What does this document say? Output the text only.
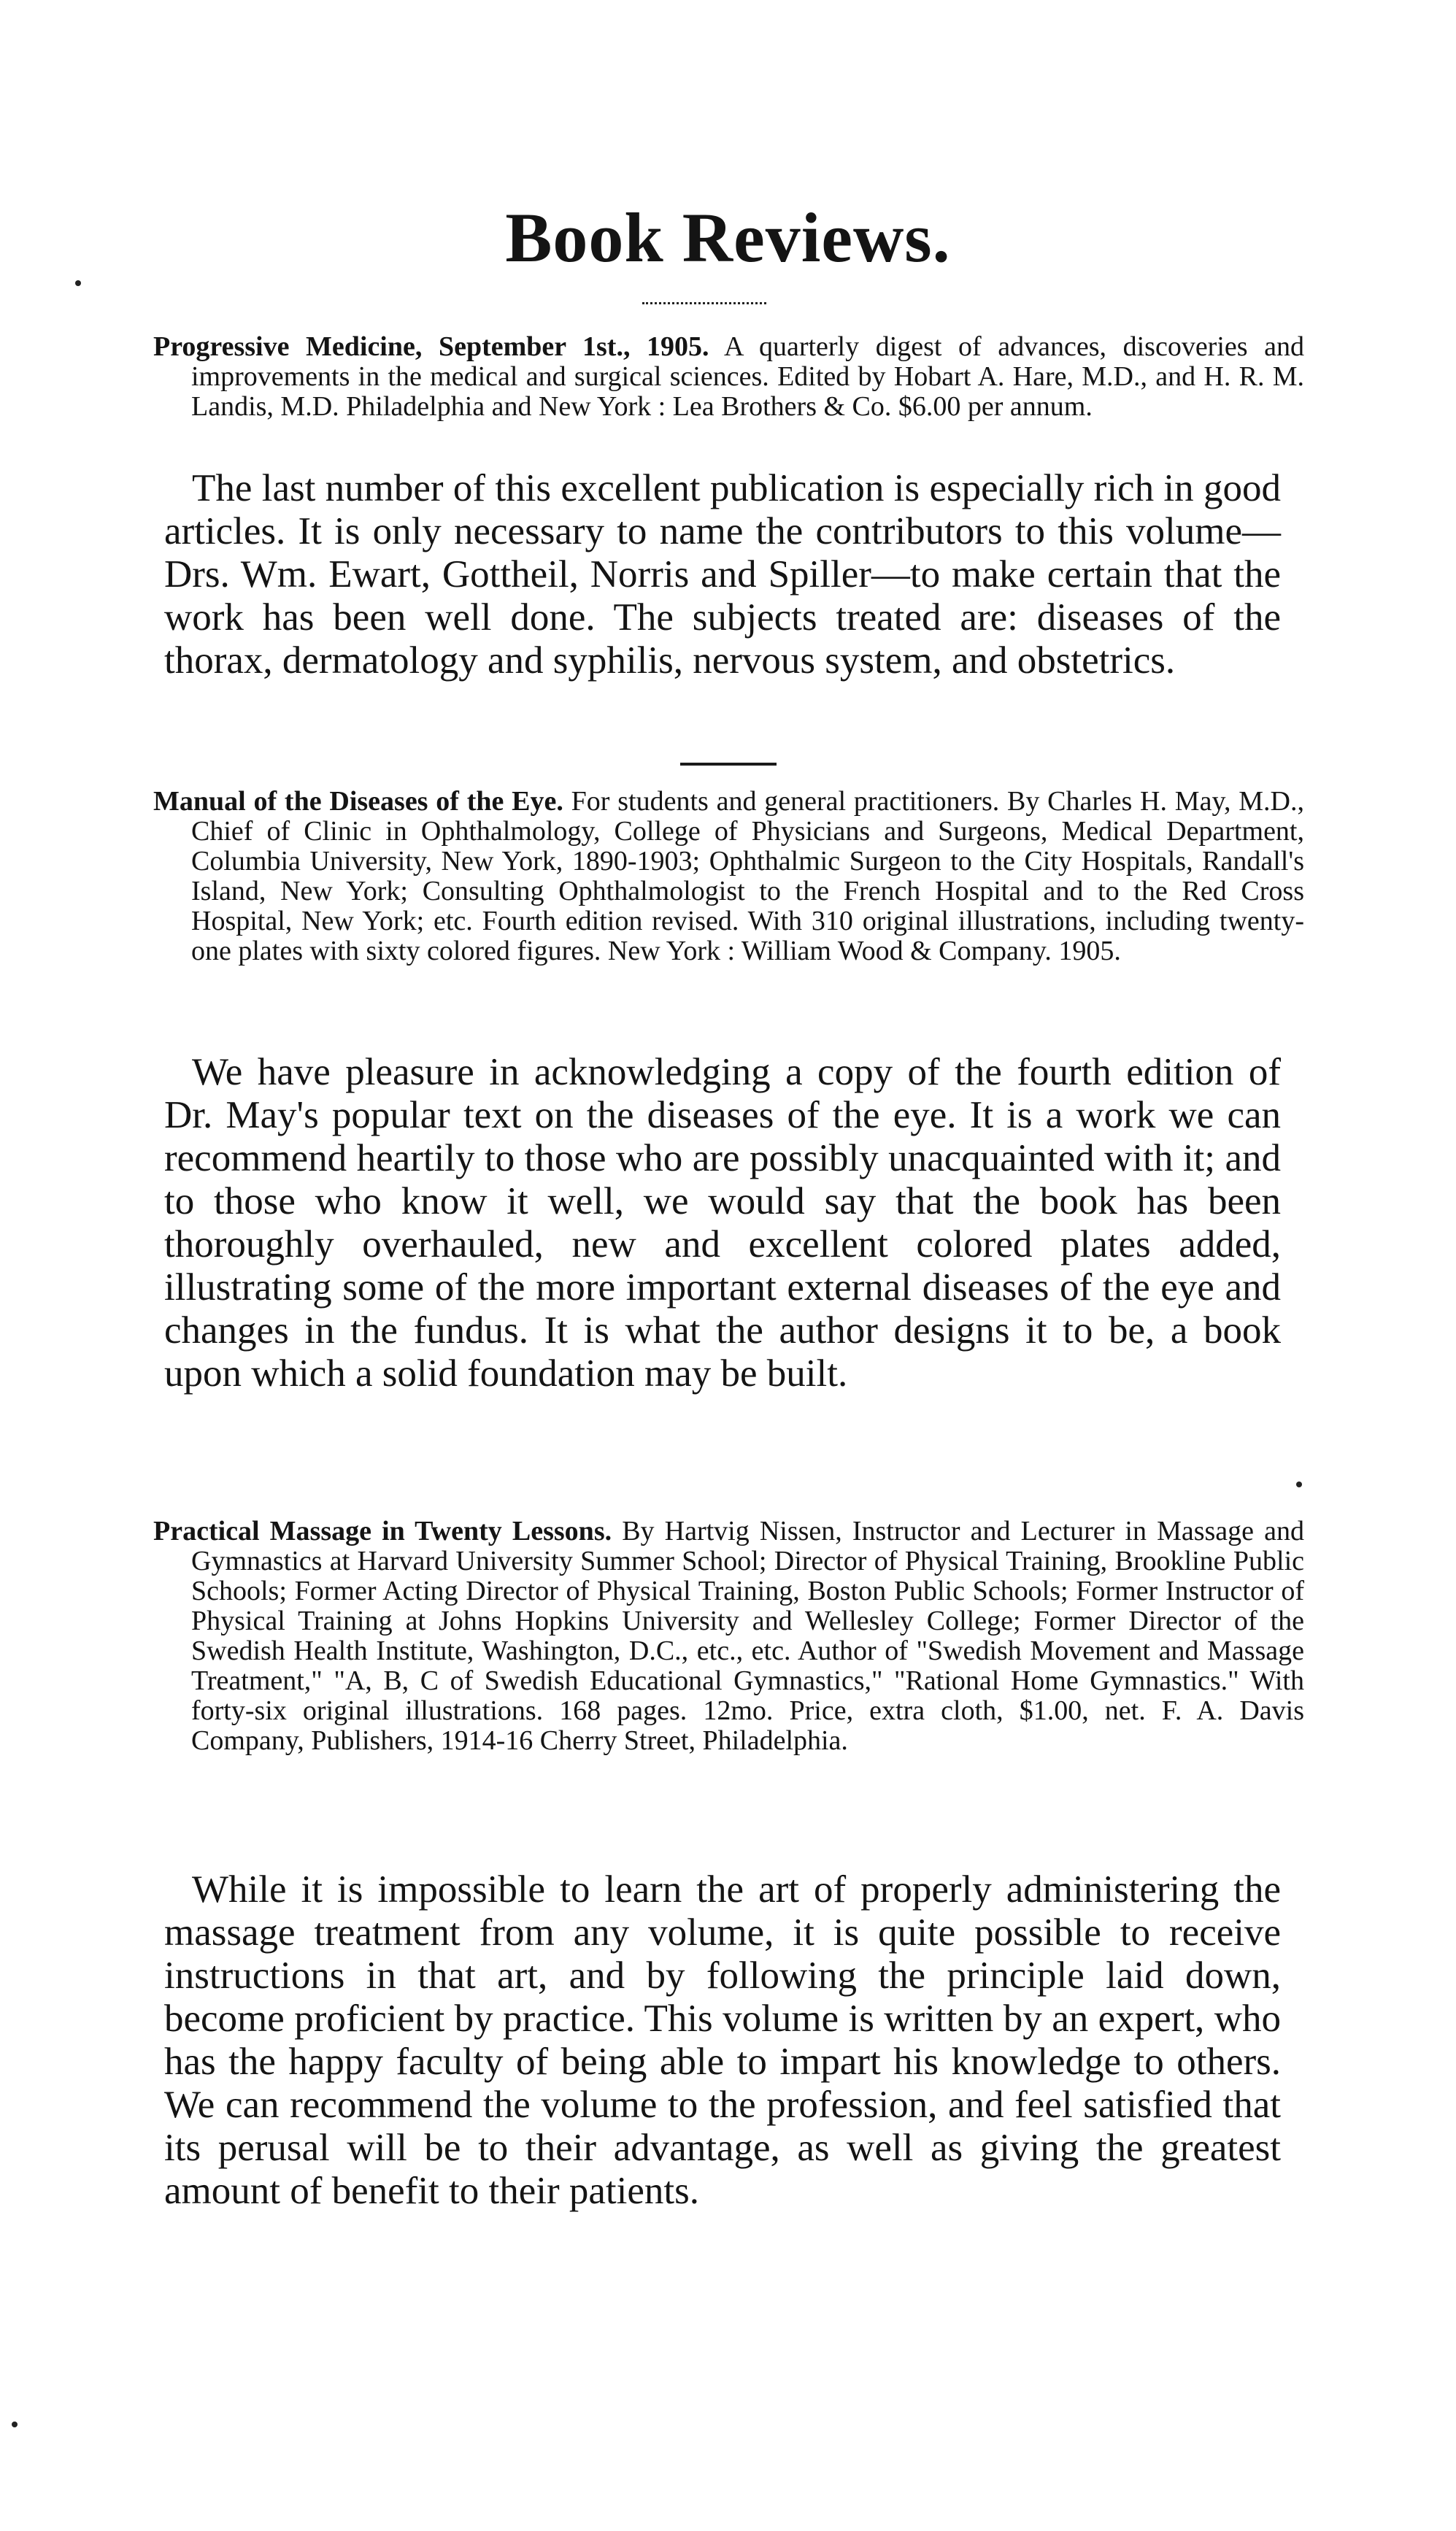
Book Reviews.
Progressive Medicine, September 1st., 1905. A quarterly digest of advances, discoveries and improvements in the medical and surgical sciences. Edited by Hobart A. Hare, M.D., and H. R. M. Landis, M.D. Philadelphia and New York : Lea Brothers & Co. $6.00 per annum.
The last number of this excellent publication is especially rich in good articles. It is only necessary to name the contributors to this volume—Drs. Wm. Ewart, Gottheil, Norris and Spiller—to make certain that the work has been well done. The subjects treated are: diseases of the thorax, dermatology and syphilis, nervous system, and obstetrics.
Manual of the Diseases of the Eye. For students and general practitioners. By Charles H. May, M.D., Chief of Clinic in Ophthalmology, College of Physicians and Surgeons, Medical Department, Columbia University, New York, 1890-1903; Ophthalmic Surgeon to the City Hospitals, Randall's Island, New York; Consulting Ophthalmologist to the French Hospital and to the Red Cross Hospital, New York; etc. Fourth edition revised. With 310 original illustrations, including twenty-one plates with sixty colored figures. New York : William Wood & Company. 1905.
We have pleasure in acknowledging a copy of the fourth edition of Dr. May's popular text on the diseases of the eye. It is a work we can recommend heartily to those who are possibly unacquainted with it; and to those who know it well, we would say that the book has been thoroughly overhauled, new and excellent colored plates added, illustrating some of the more important external diseases of the eye and changes in the fundus. It is what the author designs it to be, a book upon which a solid foundation may be built.
Practical Massage in Twenty Lessons. By Hartvig Nissen, Instructor and Lecturer in Massage and Gymnastics at Harvard University Summer School; Director of Physical Training, Brookline Public Schools; Former Acting Director of Physical Training, Boston Public Schools; Former Instructor of Physical Training at Johns Hopkins University and Wellesley College; Former Director of the Swedish Health Institute, Washington, D.C., etc., etc. Author of "Swedish Movement and Massage Treatment," "A, B, C of Swedish Educational Gymnastics," "Rational Home Gymnastics." With forty-six original illustrations. 168 pages. 12mo. Price, extra cloth, $1.00, net. F. A. Davis Company, Publishers, 1914-16 Cherry Street, Philadelphia.
While it is impossible to learn the art of properly administering the massage treatment from any volume, it is quite possible to receive instructions in that art, and by following the principle laid down, become proficient by practice. This volume is written by an expert, who has the happy faculty of being able to impart his knowledge to others. We can recommend the volume to the profession, and feel satisfied that its perusal will be to their advantage, as well as giving the greatest amount of benefit to their patients.
